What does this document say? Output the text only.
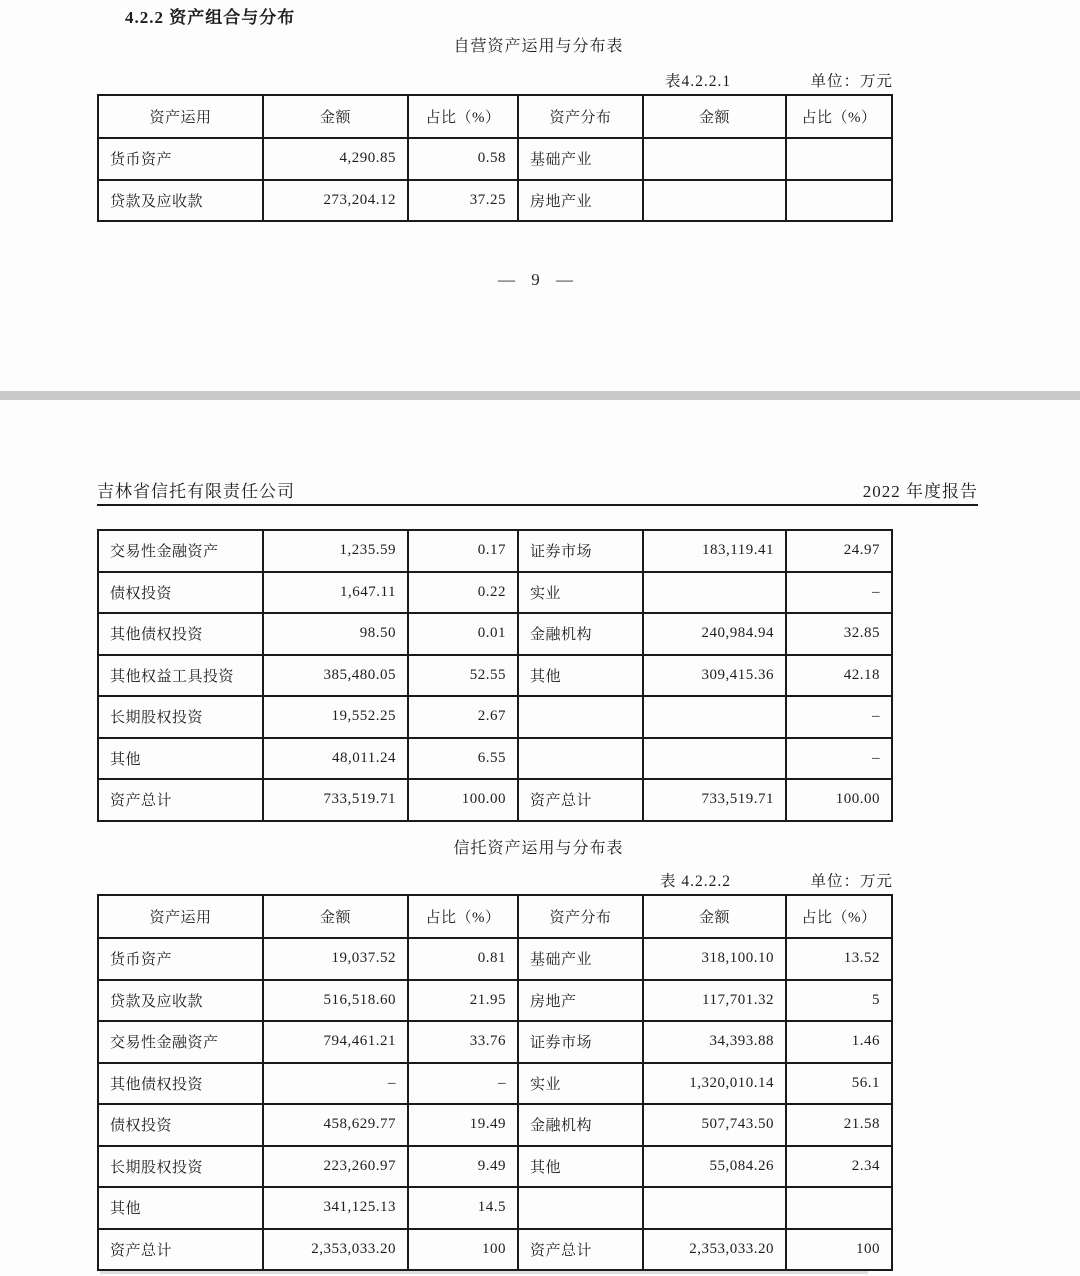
4.2.2 资产组合与分布
自营资产运用与分布表
表4.2.2.1	单位：万元
资产运用	金额	占比（%）	资产分布	金额	占比（%）
货币资产	4,290.85	0.58	基础产业		
贷款及应收款	273,204.12	37.25	房地产业		
— 9 —
吉林省信托有限责任公司	2022 年度报告
交易性金融资产	1,235.59	0.17	证券市场	183,119.41	24.97
债权投资	1,647.11	0.22	实业		–
其他债权投资	98.50	0.01	金融机构	240,984.94	32.85
其他权益工具投资	385,480.05	52.55	其他	309,415.36	42.18
长期股权投资	19,552.25	2.67			–
其他	48,011.24	6.55			–
资产总计	733,519.71	100.00	资产总计	733,519.71	100.00
信托资产运用与分布表
表 4.2.2.2	单位：万元
资产运用	金额	占比（%）	资产分布	金额	占比（%）
货币资产	19,037.52	0.81	基础产业	318,100.10	13.52
贷款及应收款	516,518.60	21.95	房地产	117,701.32	5
交易性金融资产	794,461.21	33.76	证券市场	34,393.88	1.46
其他债权投资	–	–	实业	1,320,010.14	56.1
债权投资	458,629.77	19.49	金融机构	507,743.50	21.58
长期股权投资	223,260.97	9.49	其他	55,084.26	2.34
其他	341,125.13	14.5			
资产总计	2,353,033.20	100	资产总计	2,353,033.20	100
